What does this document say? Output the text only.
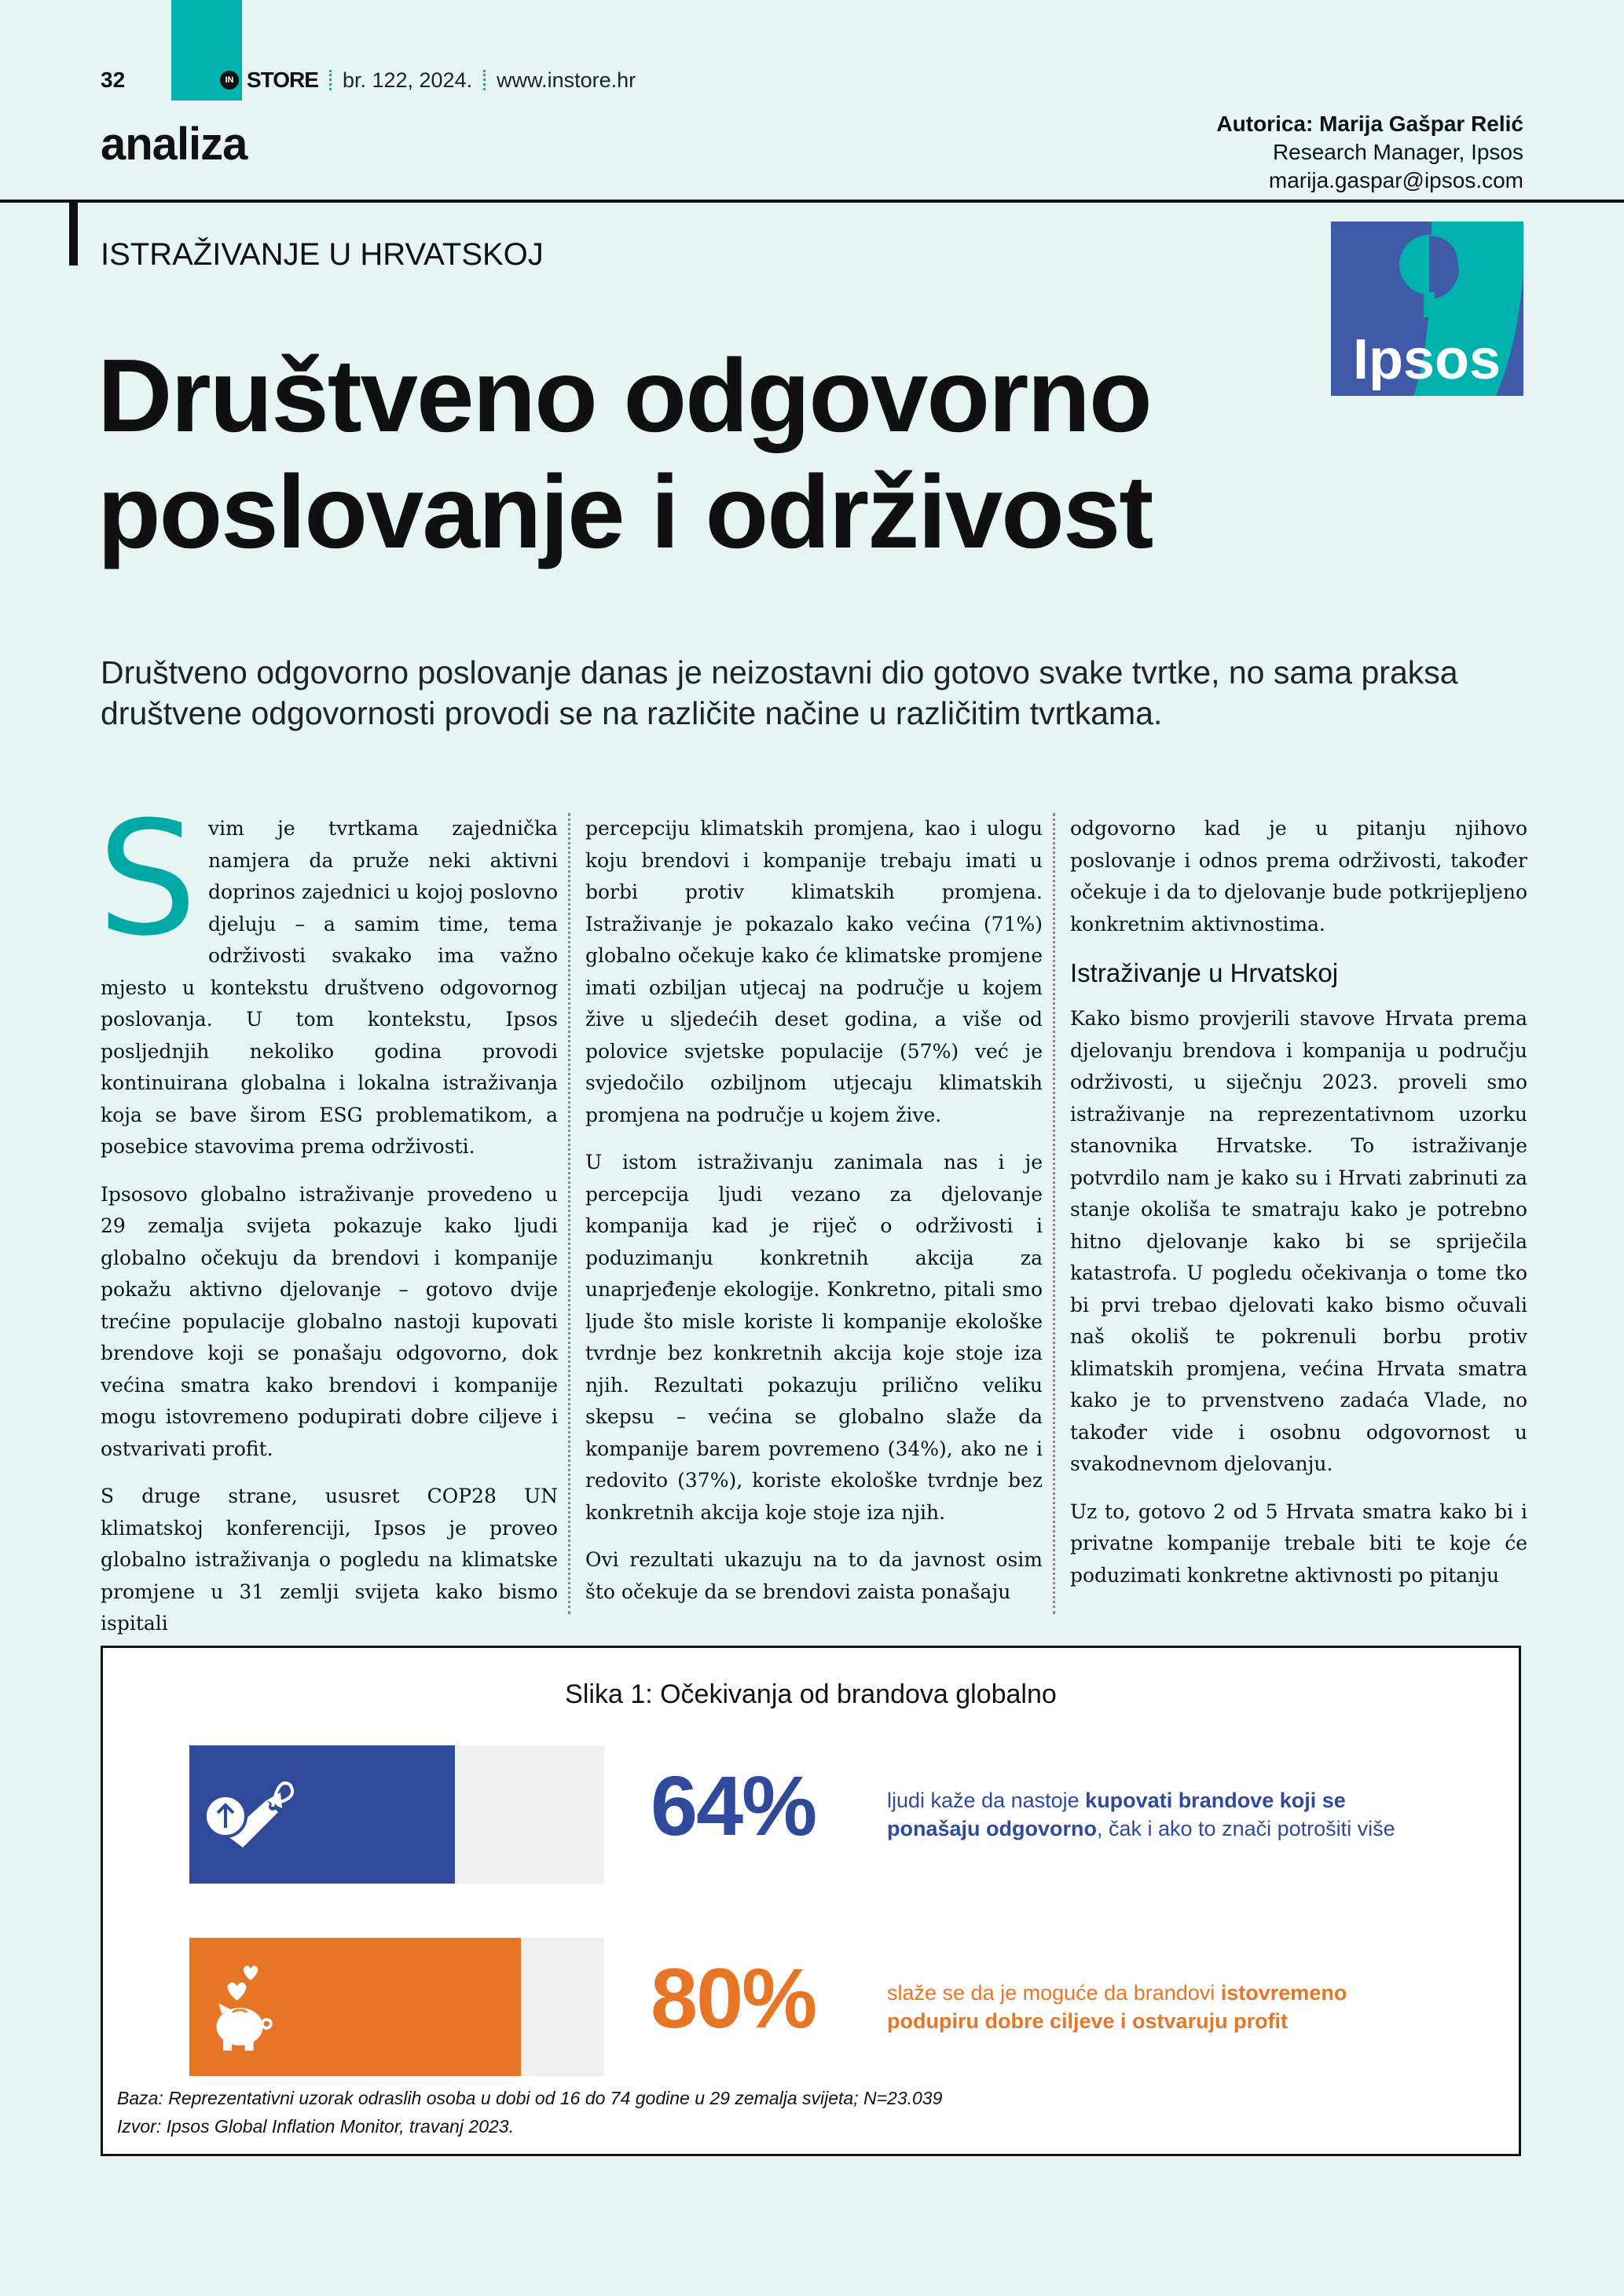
32	IN STORE br. 122, 2024. www.instore.hr
analiza	Autorica: Marija Gašpar Relić
Research Manager, Ipsos
marija.gaspar@ipsos.com
ISTRAŽIVANJE U HRVATSKOJ
Ipsos
Društveno odgovorno
poslovanje i održivost

Društveno odgovorno poslovanje danas je neizostavni dio gotovo svake tvrtke, no sama praksa društvene odgovornosti provodi se na različite načine u različitim tvrtkama.

Svim je tvrtkama zajednička namjera da pruže neki aktivni doprinos zajednici u kojoj poslovno djeluju – a samim time, tema održivosti svakako ima važno mjesto u kontekstu društveno odgovornog poslovanja. U tom kontekstu, Ipsos posljednjih nekoliko godina provodi kontinuirana globalna i lokalna istraživanja koja se bave širom ESG problematikom, a posebice stavovima prema održivosti.

Ipsosovo globalno istraživanje provedeno u 29 zemalja svijeta pokazuje kako ljudi globalno očekuju da brendovi i kompanije pokažu aktivno djelovanje – gotovo dvije trećine populacije globalno nastoji kupovati brendove koji se ponašaju odgovorno, dok većina smatra kako brendovi i kompanije mogu istovremeno podupirati dobre ciljeve i ostvarivati profit.

S druge strane, ususret COP28 UN klimatskoj konferenciji, Ipsos je proveo globalno istraživanja o pogledu na klimatske promjene u 31 zemlji svijeta kako bismo ispitali

percepciju klimatskih promjena, kao i ulogu koju brendovi i kompanije trebaju imati u borbi protiv klimatskih promjena. Istraživanje je pokazalo kako većina (71%) globalno očekuje kako će klimatske promjene imati ozbiljan utjecaj na područje u kojem žive u sljedećih deset godina, a više od polovice svjetske populacije (57%) već je svjedočilo ozbiljnom utjecaju klimatskih promjena na područje u kojem žive.

U istom istraživanju zanimala nas i je percepcija ljudi vezano za djelovanje kompanija kad je riječ o održivosti i poduzimanju konkretnih akcija za unaprjeđenje ekologije. Konkretno, pitali smo ljude što misle koriste li kompanije ekološke tvrdnje bez konkretnih akcija koje stoje iza njih. Rezultati pokazuju prilično veliku skepsu – većina se globalno slaže da kompanije barem povremeno (34%), ako ne i redovito (37%), koriste ekološke tvrdnje bez konkretnih akcija koje stoje iza njih.

Ovi rezultati ukazuju na to da javnost osim što očekuje da se brendovi zaista ponašaju

odgovorno kad je u pitanju njihovo poslovanje i odnos prema održivosti, također očekuje i da to djelovanje bude potkrijepljeno konkretnim aktivnostima.

Istraživanje u Hrvatskoj

Kako bismo provjerili stavove Hrvata prema djelovanju brendova i kompanija u području održivosti, u siječnju 2023. proveli smo istraživanje na reprezentativnom uzorku stanovnika Hrvatske. To istraživanje potvrdilo nam je kako su i Hrvati zabrinuti za stanje okoliša te smatraju kako je potrebno hitno djelovanje kako bi se spriječila katastrofa. U pogledu očekivanja o tome tko bi prvi trebao djelovati kako bismo očuvali naš okoliš te pokrenuli borbu protiv klimatskih promjena, većina Hrvata smatra kako je to prvenstveno zadaća Vlade, no također vide i osobnu odgovornost u svakodnevnom djelovanju.

Uz to, gotovo 2 od 5 Hrvata smatra kako bi i privatne kompanije trebale biti te koje će poduzimati konkretne aktivnosti po pitanju

Slika 1: Očekivanja od brandova globalno
64%	ljudi kaže da nastoje kupovati brandove koji se ponašaju odgovorno, čak i ako to znači potrošiti više
80%	slaže se da je moguće da brandovi istovremeno podupiru dobre ciljeve i ostvaruju profit
Baza: Reprezentativni uzorak odraslih osoba u dobi od 16 do 74 godine u 29 zemalja svijeta; N=23.039
Izvor: Ipsos Global Inflation Monitor, travanj 2023.
